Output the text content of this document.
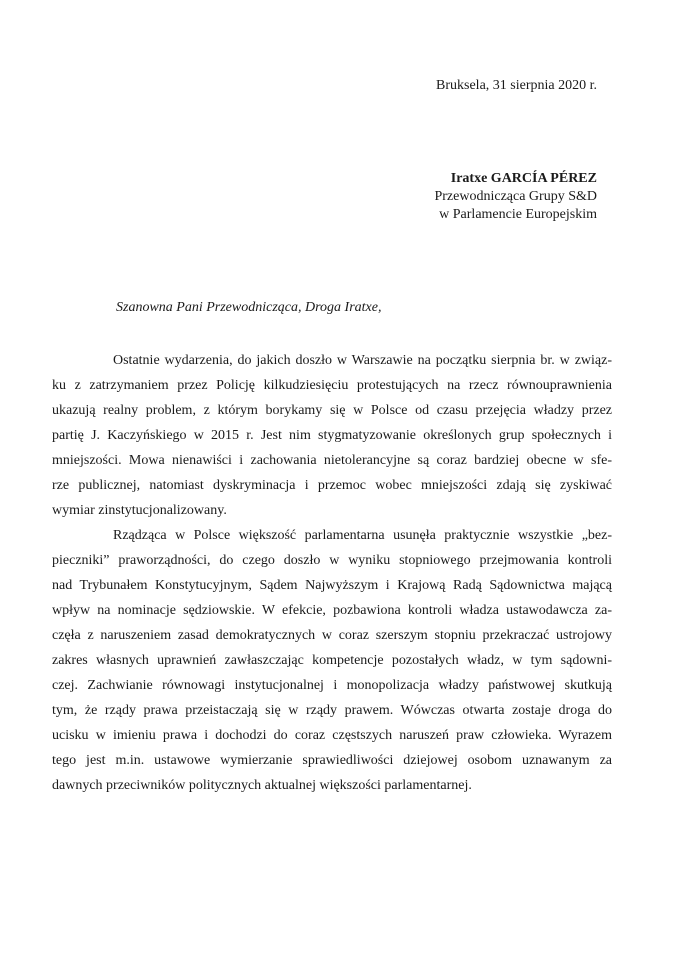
Bruksela, 31 sierpnia 2020 r.
Iratxe GARCÍA PÉREZ
Przewodnicząca Grupy S&D
w Parlamencie Europejskim
Szanowna Pani Przewodnicząca, Droga Iratxe,
Ostatnie wydarzenia, do jakich doszło w Warszawie na początku sierpnia br. w związ-
ku z zatrzymaniem przez Policję kilkudziesięciu protestujących na rzecz równouprawnienia
ukazują realny problem, z którym borykamy się w Polsce od czasu przejęcia władzy przez
partię J. Kaczyńskiego w 2015 r. Jest nim stygmatyzowanie określonych grup społecznych i
mniejszości. Mowa nienawiści i zachowania nietolerancyjne są coraz bardziej obecne w sfe-
rze publicznej, natomiast dyskryminacja i przemoc wobec mniejszości zdają się zyskiwać
wymiar zinstytucjonalizowany.
Rządząca w Polsce większość parlamentarna usunęła praktycznie wszystkie „bez-
pieczniki” praworządności, do czego doszło w wyniku stopniowego przejmowania kontroli
nad Trybunałem Konstytucyjnym, Sądem Najwyższym i Krajową Radą Sądownictwa mającą
wpływ na nominacje sędziowskie. W efekcie, pozbawiona kontroli władza ustawodawcza za-
częła z naruszeniem zasad demokratycznych w coraz szerszym stopniu przekraczać ustrojowy
zakres własnych uprawnień zawłaszczając kompetencje pozostałych władz, w tym sądowni-
czej. Zachwianie równowagi instytucjonalnej i monopolizacja władzy państwowej skutkują
tym, że rządy prawa przeistaczają się w rządy prawem. Wówczas otwarta zostaje droga do
ucisku w imieniu prawa i dochodzi do coraz częstszych naruszeń praw człowieka. Wyrazem
tego jest m.in. ustawowe wymierzanie sprawiedliwości dziejowej osobom uznawanym za
dawnych przeciwników politycznych aktualnej większości parlamentarnej.
